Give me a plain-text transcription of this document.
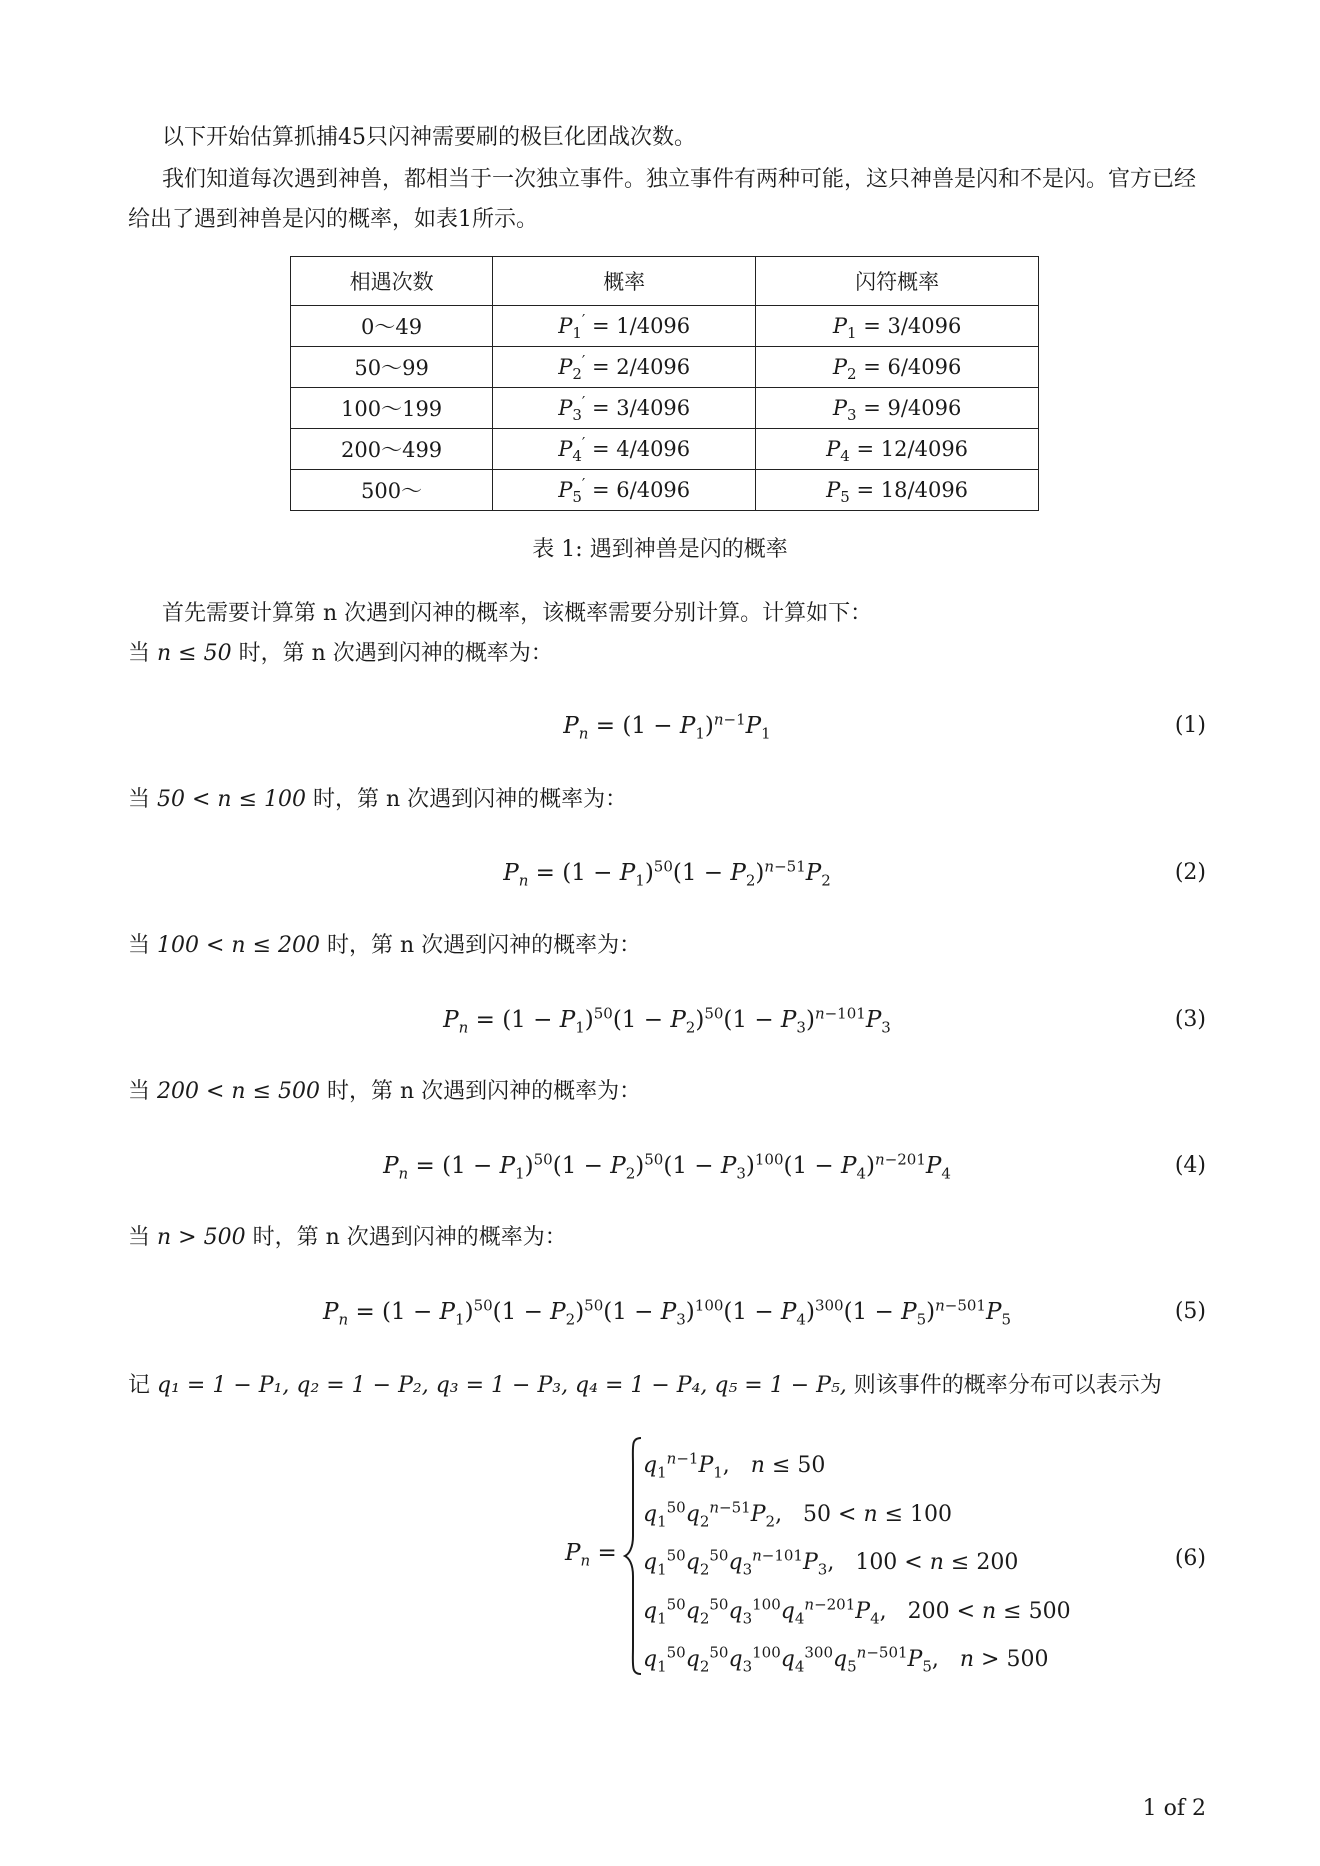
以下开始估算抓捕45只闪神需要刷的极巨化团战次数。

我们知道每次遇到神兽，都相当于一次独立事件。独立事件有两种可能，这只神兽是闪和不是闪。官方已经给出了遇到神兽是闪的概率，如表1所示。

相遇次数	概率	闪符概率
0〜49	$P_1' = 1/4096$	$P_1 = 3/4096$
50〜99	$P_2' = 2/4096$	$P_2 = 6/4096$
100〜199	$P_3' = 3/4096$	$P_3 = 9/4096$
200〜499	$P_4' = 4/4096$	$P_4 = 12/4096$
500〜	$P_5' = 6/4096$	$P_5 = 18/4096$
表 1: 遇到神兽是闪的概率

首先需要计算第 n 次遇到闪神的概率，该概率需要分别计算。计算如下：

当 n ≤ 50 时，第 n 次遇到闪神的概率为：

$P_n = (1 - P_1)^{n-1}P_1$	(1)

当 50 < n ≤ 100 时，第 n 次遇到闪神的概率为：

$P_n = (1 - P_1)^{50}(1 - P_2)^{n-51}P_2$	(2)

当 100 < n ≤ 200 时，第 n 次遇到闪神的概率为：

$P_n = (1 - P_1)^{50}(1 - P_2)^{50}(1 - P_3)^{n-101}P_3$	(3)

当 200 < n ≤ 500 时，第 n 次遇到闪神的概率为：

$P_n = (1 - P_1)^{50}(1 - P_2)^{50}(1 - P_3)^{100}(1 - P_4)^{n-201}P_4$	(4)

当 n > 500 时，第 n 次遇到闪神的概率为：

$P_n = (1 - P_1)^{50}(1 - P_2)^{50}(1 - P_3)^{100}(1 - P_4)^{300}(1 - P_5)^{n-501}P_5$	(5)

记 q₁ = 1 − P₁, q₂ = 1 − P₂, q₃ = 1 − P₃, q₄ = 1 − P₄, q₅ = 1 − P₅, 则该事件的概率分布可以表示为

$P_n$ =
$q_1^{n-1}P_1$,   n ≤ 50
$q_1^{50}q_2^{n-51}P_2$,   50 < n ≤ 100
$q_1^{50}q_2^{50}q_3^{n-101}P_3$,   100 < n ≤ 200
$q_1^{50}q_2^{50}q_3^{100}q_4^{n-201}P_4$,   200 < n ≤ 500
$q_1^{50}q_2^{50}q_3^{100}q_4^{300}q_5^{n-501}P_5$,   n > 500
(6)
1 of 2
